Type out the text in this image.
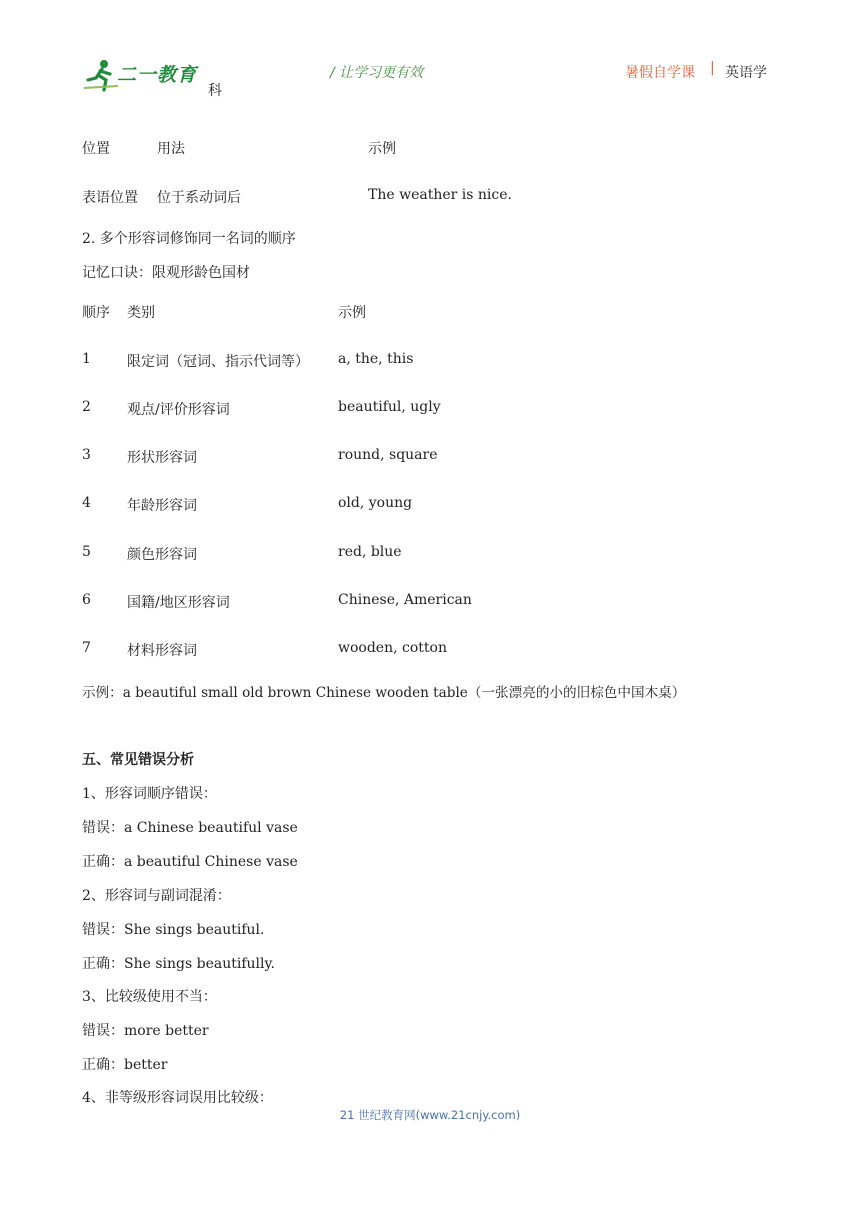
二一教育
科
/ 让学习更有效	暑假自学课 | 英语学
位置	用法	示例
表语位置 位于系动词后	The weather is nice.
2. 多个形容词修饰同一名词的顺序
记忆口诀：限观形龄色国材
顺序 类别	示例
1	限定词（冠词、指示代词等） a, the, this
2	观点/评价形容词	beautiful, ugly
3	形状形容词	round, square
4	年龄形容词	old, young
5	颜色形容词	red, blue
6	国籍/地区形容词	Chinese, American
7	材料形容词	wooden, cotton
示例：a beautiful small old brown Chinese wooden table（一张漂亮的小的旧棕色中国木桌）
五、常见错误分析
1、形容词顺序错误：
错误：a Chinese beautiful vase
正确：a beautiful Chinese vase
2、形容词与副词混淆：
错误：She sings beautiful.
正确：She sings beautifully.
3、比较级使用不当：
错误：more better
正确：better
4、非等级形容词误用比较级：
21 世纪教育网(www.21cnjy.com)
